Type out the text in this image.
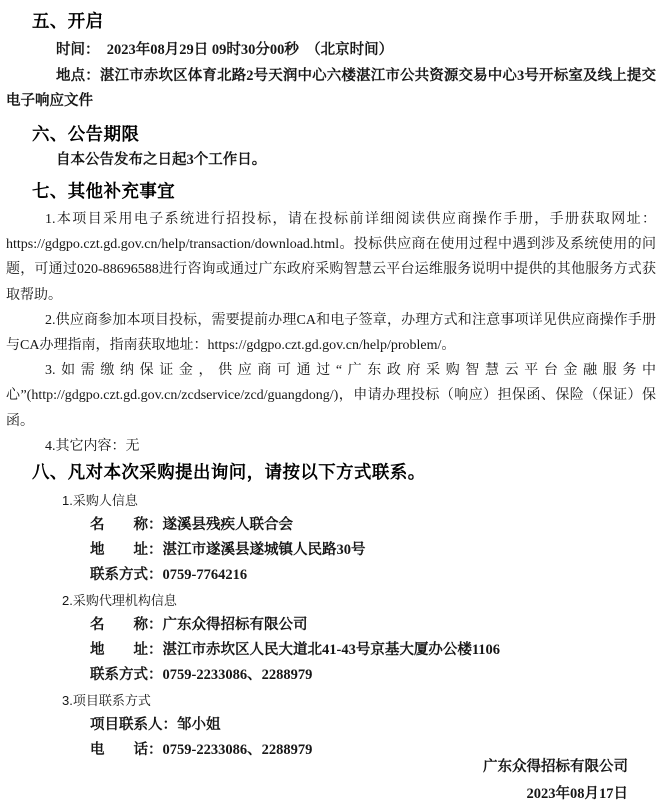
五、开启
时间：　2023年08月29日 09时30分00秒　（北京时间）
地点：湛江市赤坎区体育北路2号天润中心六楼湛江市公共资源交易中心3号开标室及线上提交电子响应文件
六、公告期限
自本公告发布之日起3个工作日。
七、其他补充事宜
1.本项目采用电子系统进行招投标，请在投标前详细阅读供应商操作手册，手册获取网址：https://gdgpo.czt.gd.gov.cn/help/transaction/download.html。投标供应商在使用过程中遇到涉及系统使用的问题，可通过020-88696588进行咨询或通过广东政府采购智慧云平台运维服务说明中提供的其他服务方式获取帮助。
2.供应商参加本项目投标，需要提前办理CA和电子签章，办理方式和注意事项详见供应商操作手册与CA办理指南，指南获取地址：https://gdgpo.czt.gd.gov.cn/help/problem/。
3.如需缴纳保证金，供应商可通过“广东政府采购智慧云平台金融服务中心”(http://gdgpo.czt.gd.gov.cn/zcdservice/zcd/guangdong/)，申请办理投标（响应）担保函、保险（保证）保函。
4.其它内容：无
八、凡对本次采购提出询问，请按以下方式联系。
1.采购人信息
名　　称：遂溪县残疾人联合会
地　　址：湛江市遂溪县遂城镇人民路30号
联系方式：0759-7764216
2.采购代理机构信息
名　　称：广东众得招标有限公司
地　　址：湛江市赤坎区人民大道北41-43号京基大厦办公楼1106
联系方式：0759-2233086、2288979
3.项目联系方式
项目联系人：邹小姐
电　　话：0759-2233086、2288979
广东众得招标有限公司
2023年08月17日
